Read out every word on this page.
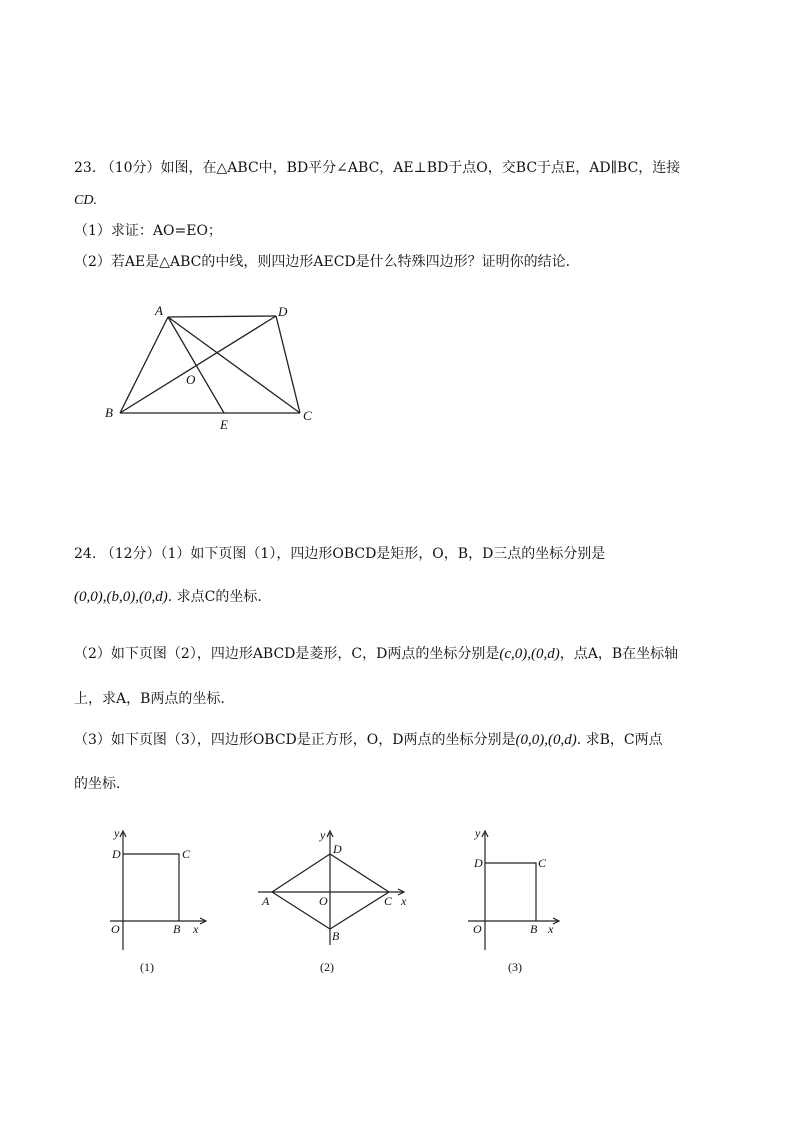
23. （10分）如图，在△ABC中，BD平分∠ABC，AE⊥BD于点O，交BC于点E，AD∥BC，连接
CD.
（1）求证：AO=EO；
（2）若AE是△ABC的中线，则四边形AECD是什么特殊四边形？证明你的结论.
A	D
O
B
E
C
24. （12分）（1）如下页图（1），四边形OBCD是矩形，O，B，D三点的坐标分别是
(0,0),(b,0),(0,d). 求点C的坐标.
（2）如下页图（2），四边形ABCD是菱形，C，D两点的坐标分别是(c,0),(0,d)，点A，B在坐标轴
上，求A，B两点的坐标.
（3）如下页图（3），四边形OBCD是正方形，O，D两点的坐标分别是(0,0),(0,d). 求B，C两点
的坐标.
y
D	C
O	B x
(1)
y
D
A	O	C x
B
(2)
y
D	C
O	B x
(3)
